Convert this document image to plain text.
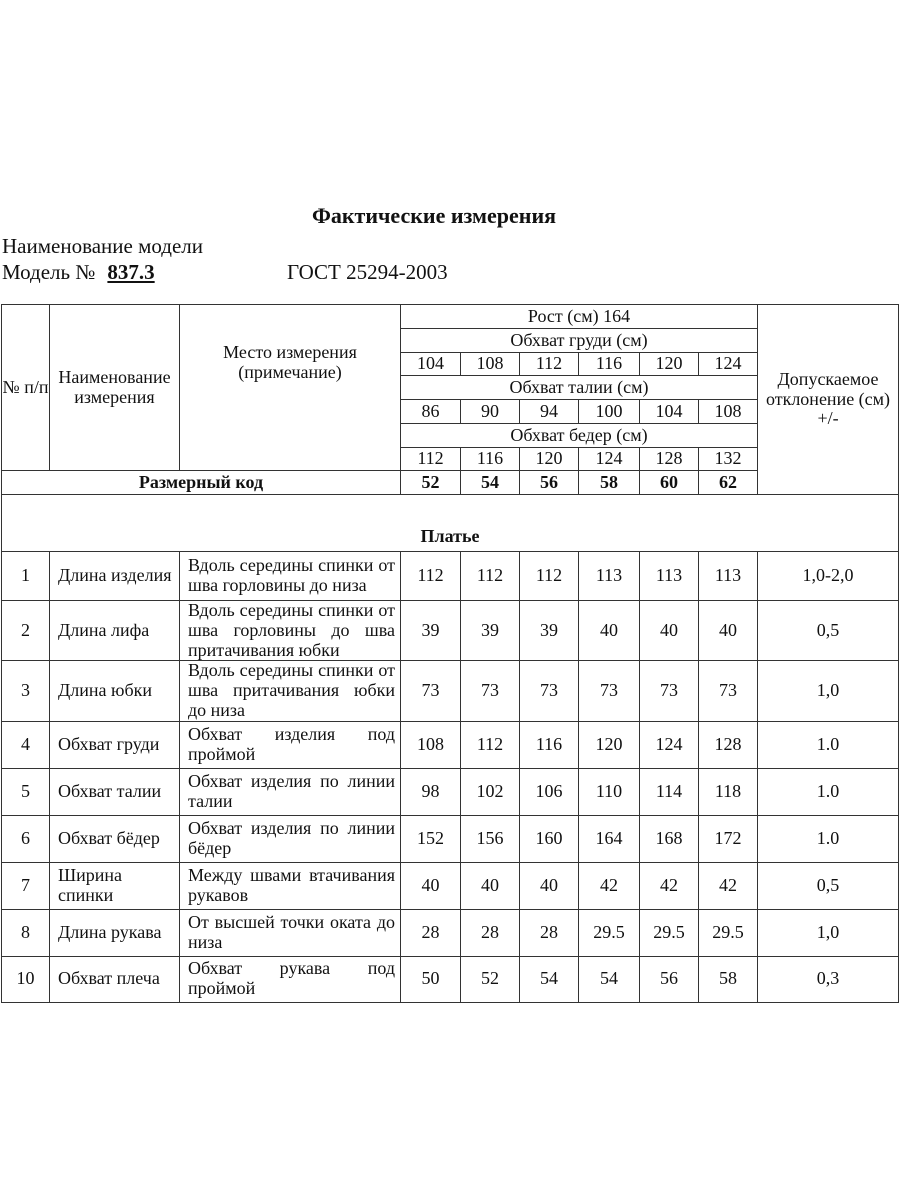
Фактические измерения
Наименование модели
Модель № 837.3	ГОСТ 25294-2003
№ п/п	Наименование измерения	Место измерения (примечание)	Рост (см) 164						Допускаемое отклонение (см) +/-
			Обхват груди (см)						
			104	108	112	116	120	124	
			Обхват талии (см)						
			86	90	94	100	104	108	
			Обхват бедер (см)						
			112	116	120	124	128	132	
Размерный код			52	54	56	58	60	62	
Платье									
1	Длина изделия	Вдоль середины спинки от шва горловины до низа	112	112	112	113	113	113	1,0-2,0
2	Длина лифа	Вдоль середины спинки от шва горловины до шва притачивания юбки	39	39	39	40	40	40	0,5
3	Длина юбки	Вдоль середины спинки от шва притачивания юбки до низа	73	73	73	73	73	73	1,0
4	Обхват груди	Обхват изделия под проймой	108	112	116	120	124	128	1.0
5	Обхват талии	Обхват изделия по линии талии	98	102	106	110	114	118	1.0
6	Обхват бёдер	Обхват изделия по линии бёдер	152	156	160	164	168	172	1.0
7	Ширина спинки	Между швами втачивания рукавов	40	40	40	42	42	42	0,5
8	Длина рукава	От высшей точки оката до низа	28	28	28	29.5	29.5	29.5	1,0
10	Обхват плеча	Обхват рукава под проймой	50	52	54	54	56	58	0,3
